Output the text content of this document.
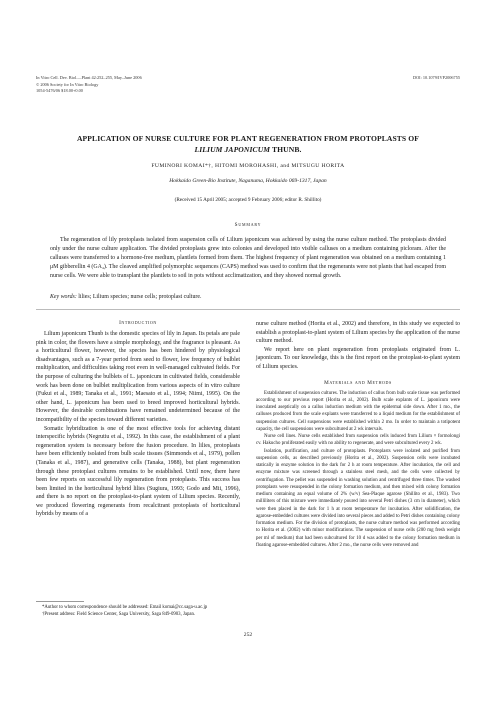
In Vitro Cell. Dev. Biol.—Plant 42:252–255, May–June 2006
© 2006 Society for In Vitro Biology
1054-5476/06 $18.00+0.00
DOI: 10.1079/IVP2006755
APPLICATION OF NURSE CULTURE FOR PLANT REGENERATION FROM PROTOPLASTS OF
LILIUM JAPONICUM THUNB.
FUMINORI KOMAI*†, HITOMI MOROHASHI, and MITSUGU HORITA
Hokkaido Green-Bio Institute, Naganuma, Hokkaido 069-1317, Japan
(Received 15 April 2005; accepted 9 February 2006; editor R. Shillito)
Summary
The regeneration of lily protoplasts isolated from suspension cells of Lilium japonicum was achieved by using the nurse culture method. The protoplasts divided only under the nurse culture application. The divided protoplasts grew into colonies and developed into visible calluses on a medium containing picloram. After the calluses were transferred to a hormone-free medium, plantlets formed from them. The highest frequency of plant regeneration was obtained on a medium containing 1 μM gibberellin 4 (GA₄). The cleaved amplified polymorphic sequences (CAPS) method was used to confirm that the regenerants were not plants that had escaped from nurse cells. We were able to transplant the plantlets to soil in pots without acclimatization, and they showed normal growth.
Key words: lilies; Lilium species; nurse cells; protoplast culture.
Introduction

Lilium japonicum Thunb is the domestic species of lily in Japan. Its petals are pale pink in color, the flowers have a simple morphology, and the fragrance is pleasant. As a horticultural flower, however, the species has been hindered by physiological disadvantages, such as a 7-year period from seed to flower, low frequency of bulblet multiplication, and difficulties taking root even in well-managed cultivated fields. For the purpose of culturing the bulblets of L. japonicum in cultivated fields, considerable work has been done on bulblet multiplication from various aspects of in vitro culture (Fukui et al., 1989; Tanaka et al., 1991; Maesato et al., 1994; Niimi, 1995). On the other hand, L. japonicum has been used to breed improved horticultural hybrids. However, the desirable combinations have remained undetermined because of the incompatibility of the species toward different varieties.

Somatic hybridization is one of the most effective tools for achieving distant interspecific hybrids (Negrutiu et al., 1992). In this case, the establishment of a plant regeneration system is necessary before the fusion procedure. In lilies, protoplasts have been efficiently isolated from bulb scale tissues (Simmonds et al., 1979), pollen (Tanaka et al., 1987), and generative cells (Tanaka, 1988), but plant regeneration through these protoplast cultures remains to be established. Until now, there have been few reports on successful lily regeneration from protoplasts. This success has been limited in the horticultural hybrid lilies (Sugiura, 1993; Godo and Mii, 1996), and there is no report on the protoplast-to-plant system of Lilium species. Recently, we produced flowering regenerants from recalcitrant protoplasts of horticultural hybrids by means of a

*Author to whom correspondence should be addressed: Email komai@cc.saga-u.ac.jp

†Present address: Field Science Center, Saga University, Saga 849-0903, Japan.

nurse culture method (Horita et al., 2002) and therefore, in this study we expected to establish a protoplast-to-plant system of Lilium species by the application of the nurse culture method.

We report here on plant regeneration from protoplasts originated from L. japonicum. To our knowledge, this is the first report on the protoplast-to-plant system of Lilium species.

Materials and Methods

Establishment of suspension cultures. The induction of callus from bulb scale tissue was performed according to our previous report (Horita et al., 2002). Bulb scale explants of L. japonicum were inoculated aseptically on a callus induction medium with the epidermal side down. After 1 mo., the calluses produced from the scale explants were transferred to a liquid medium for the establishment of suspension cultures. Cell suspensions were established within 2 mo. In order to maintain a totipotent capacity, the cell suspensions were subcultured at 2 wk intervals.

Nurse cell lines. Nurse cells established from suspension cells induced from Lilium × formolongi cv. Hakucho proliferated easily with no ability to regenerate, and were subcultured every 2 wk.

Isolation, purification, and culture of protoplasts. Protoplasts were isolated and purified from suspension cells, as described previously (Horita et al., 2002). Suspension cells were incubated statically in enzyme solution in the dark for 2 h at room temperature. After incubation, the cell and enzyme mixture was screened through a stainless steel mesh, and the cells were collected by centrifugation. The pellet was suspended in washing solution and centrifuged three times. The washed protoplasts were resuspended in the colony formation medium, and then mixed with colony formation medium containing an equal volume of 2% (w/v) Sea-Plaque agarose (Shillito et al., 1983). Two milliliters of this mixture were immediately poured into several Petri dishes (3 cm in diameter), which were then placed in the dark for 1 h at room temperature for incubation. After solidification, the agarose-embedded cultures were divided into several pieces and added to Petri dishes containing colony formation medium. For the division of protoplasts, the nurse culture method was performed according to Horita et al. (2002) with minor modifications. The suspension of nurse cells (200 mg fresh weight per ml of medium) that had been subcultured for 10 d was added to the colony formation medium in floating agarose-embedded cultures. After 2 mo., the nurse cells were removed and

252
